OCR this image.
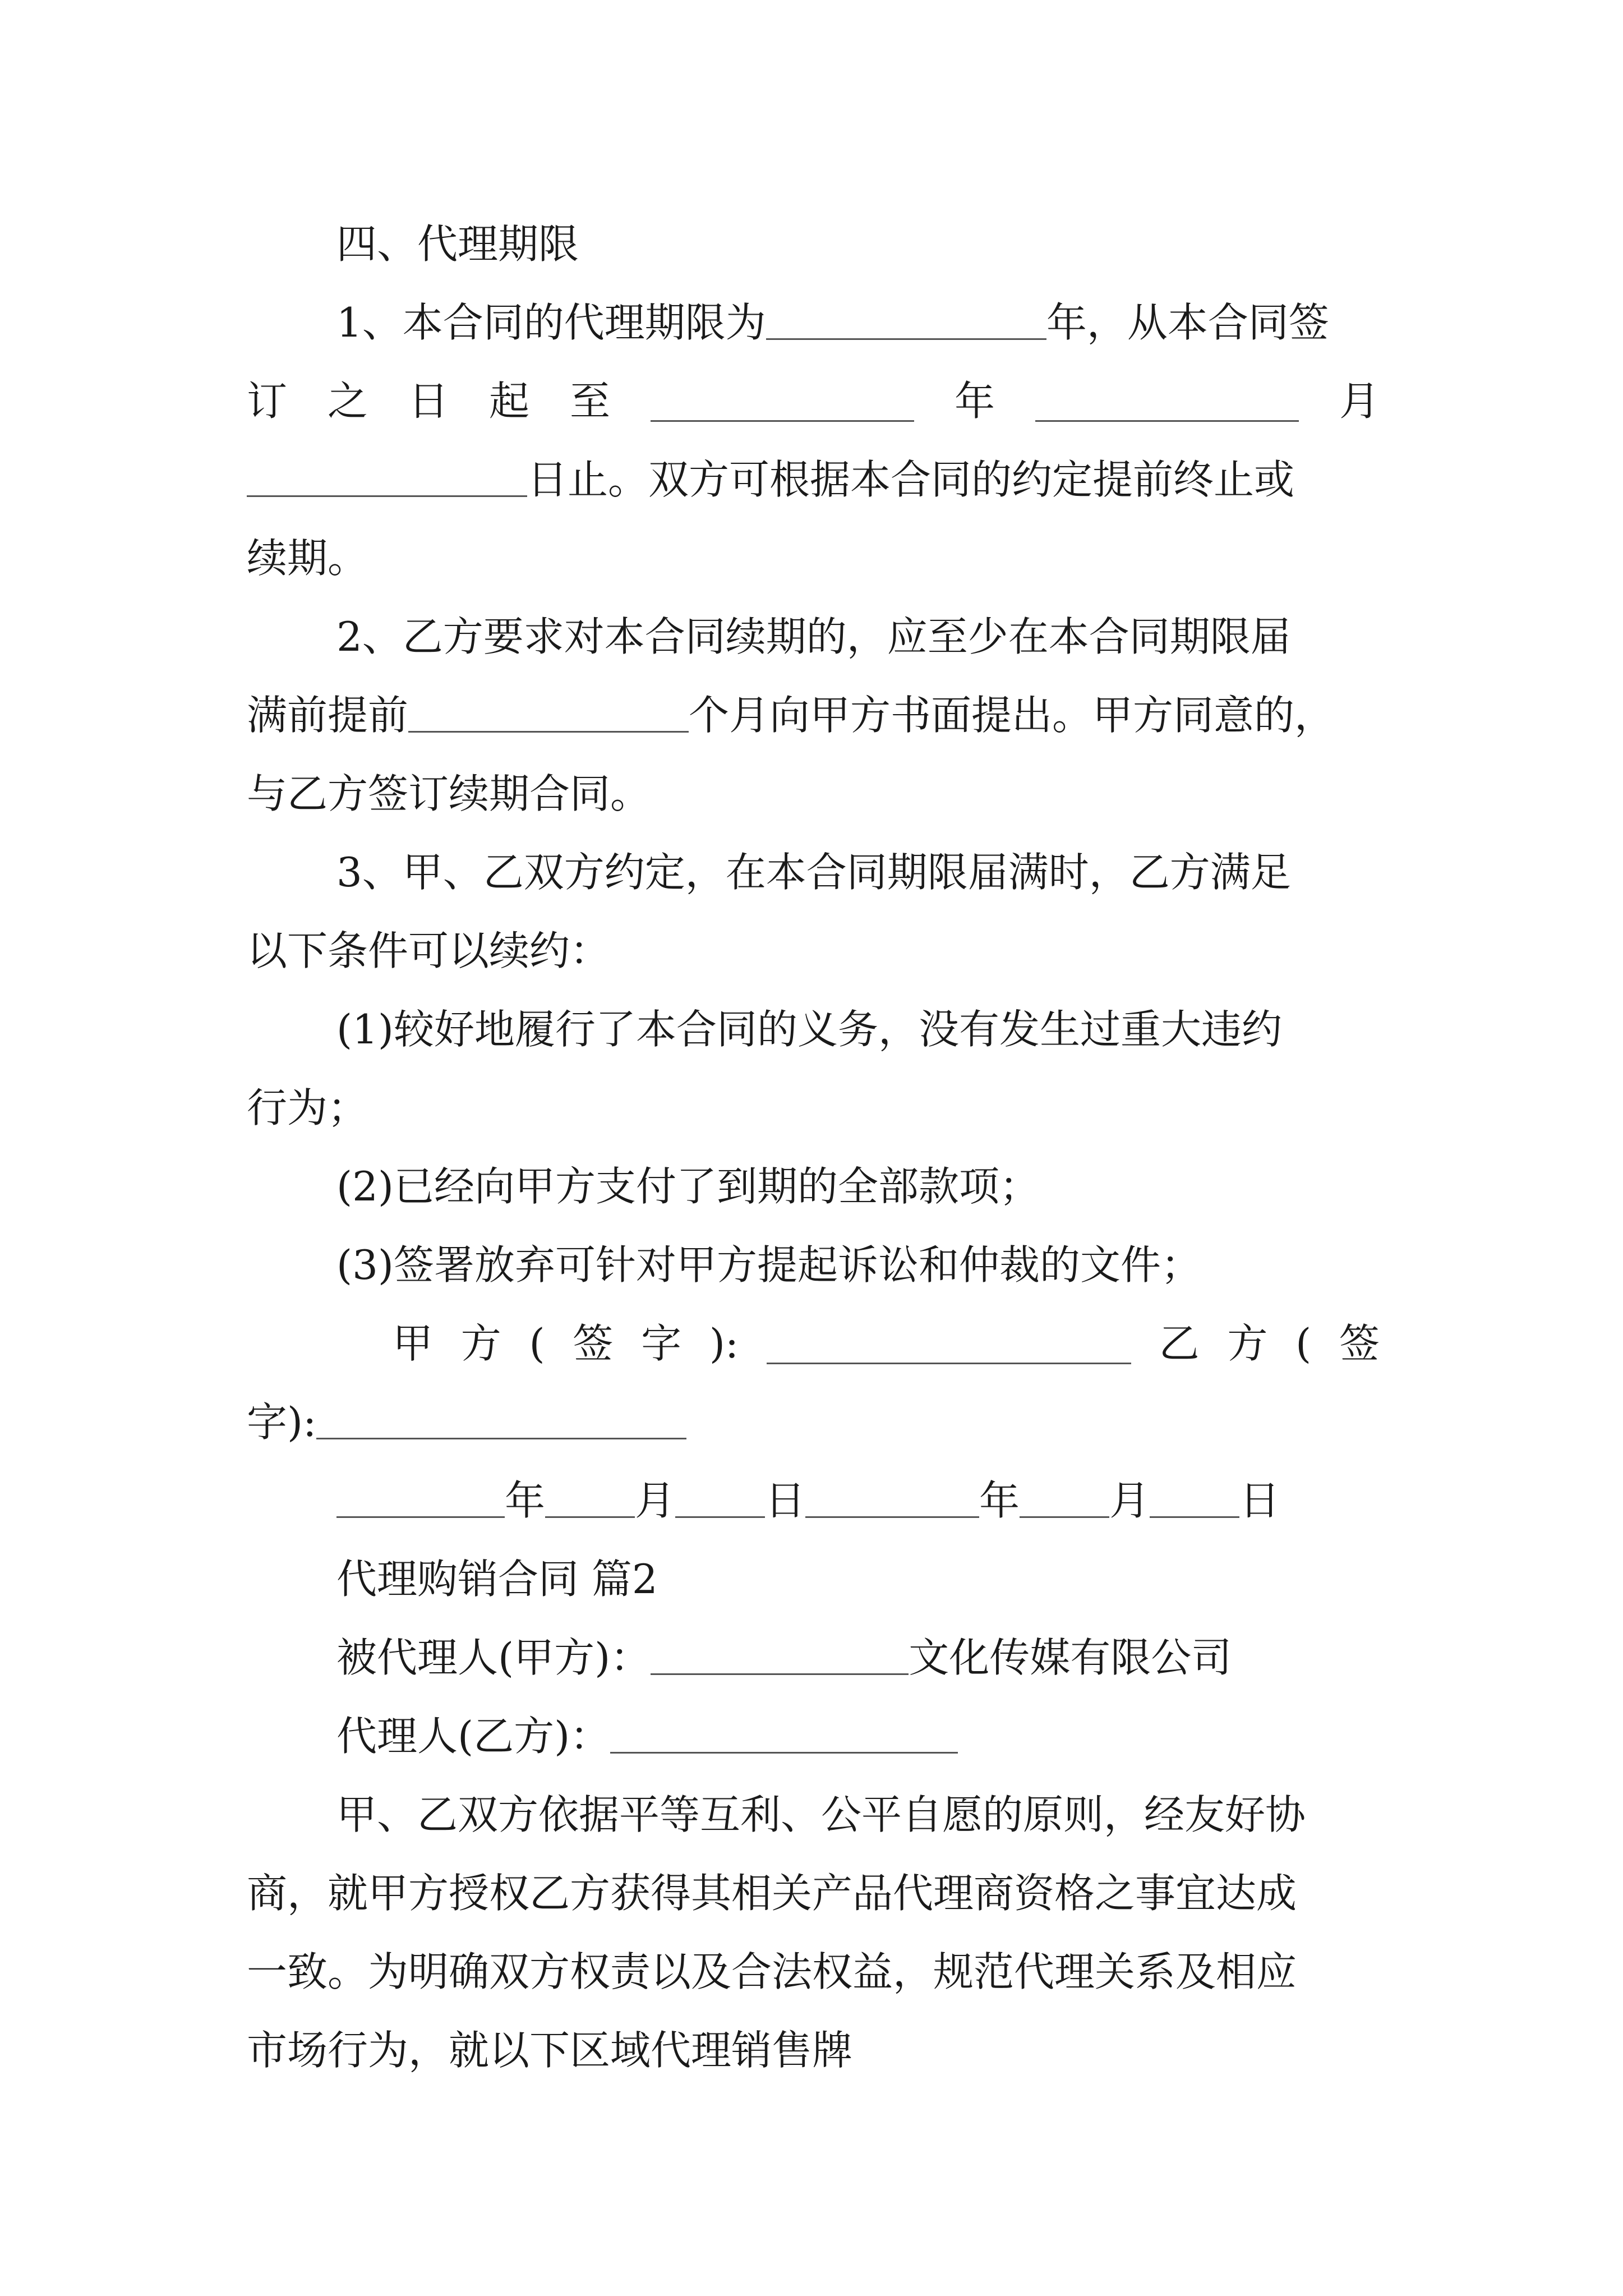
四、代理期限
1、本合同的代理期限为	年，从本合同签
订 之 日 起 至	年	月
日止。双方可根据本合同的约定提前终止或
续期。
2、乙方要求对本合同续期的，应至少在本合同期限届
满前提前	个月向甲方书面提出。甲方同意的，
与乙方签订续期合同。
3、甲、乙双方约定，在本合同期限届满时，乙方满足
以下条件可以续约：
(1)较好地履行了本合同的义务，没有发生过重大违约
行为；
(2)已经向甲方支付了到期的全部款项；
(3)签署放弃可针对甲方提起诉讼和仲裁的文件；
甲 方 ( 签 字 ):	乙 方 ( 签
字):
年 月 日	年 月 日
代理购销合同 篇2
被代理人(甲方)：	文化传媒有限公司
代理人(乙方)：
甲、乙双方依据平等互利、公平自愿的原则，经友好协
商，就甲方授权乙方获得其相关产品代理商资格之事宜达成
一致。为明确双方权责以及合法权益，规范代理关系及相应
市场行为，就以下区域代理销售牌
